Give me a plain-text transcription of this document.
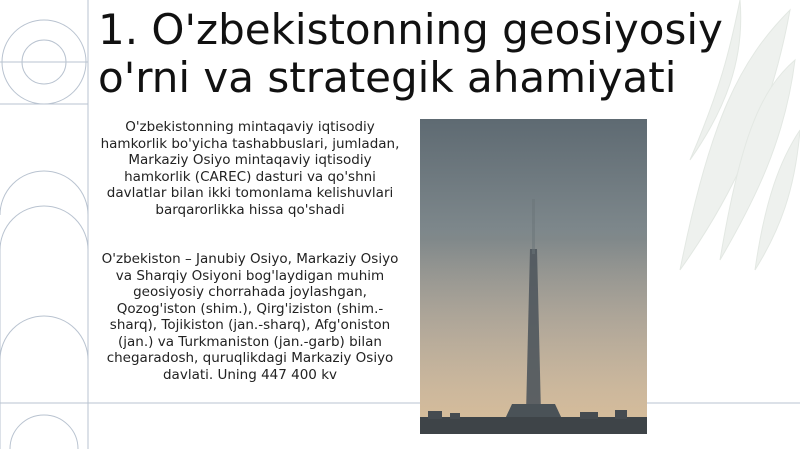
1. O'zbekistonning geosiyosiy
o'rni va strategik ahamiyati

O'zbekistonning mintaqaviy iqtisodiy hamkorlik bo'yicha tashabbuslari, jumladan, Markaziy Osiyo mintaqaviy iqtisodiy hamkorlik (CAREC) dasturi va qo'shni davlatlar bilan ikki tomonlama kelishuvlari barqarorlikka hissa qo'shadi

O'zbekiston – Janubiy Osiyo, Markaziy Osiyo va Sharqiy Osiyoni bog'laydigan muhim geosiyosiy chorrahada joylashgan, Qozog'iston (shim.), Qirg'iziston (shim.-sharq), Tojikiston (jan.-sharq), Afg'oniston (jan.) va Turkmaniston (jan.-garb) bilan chegaradosh, quruqlikdagi Markaziy Osiyo davlati. Uning 447 400 kv
